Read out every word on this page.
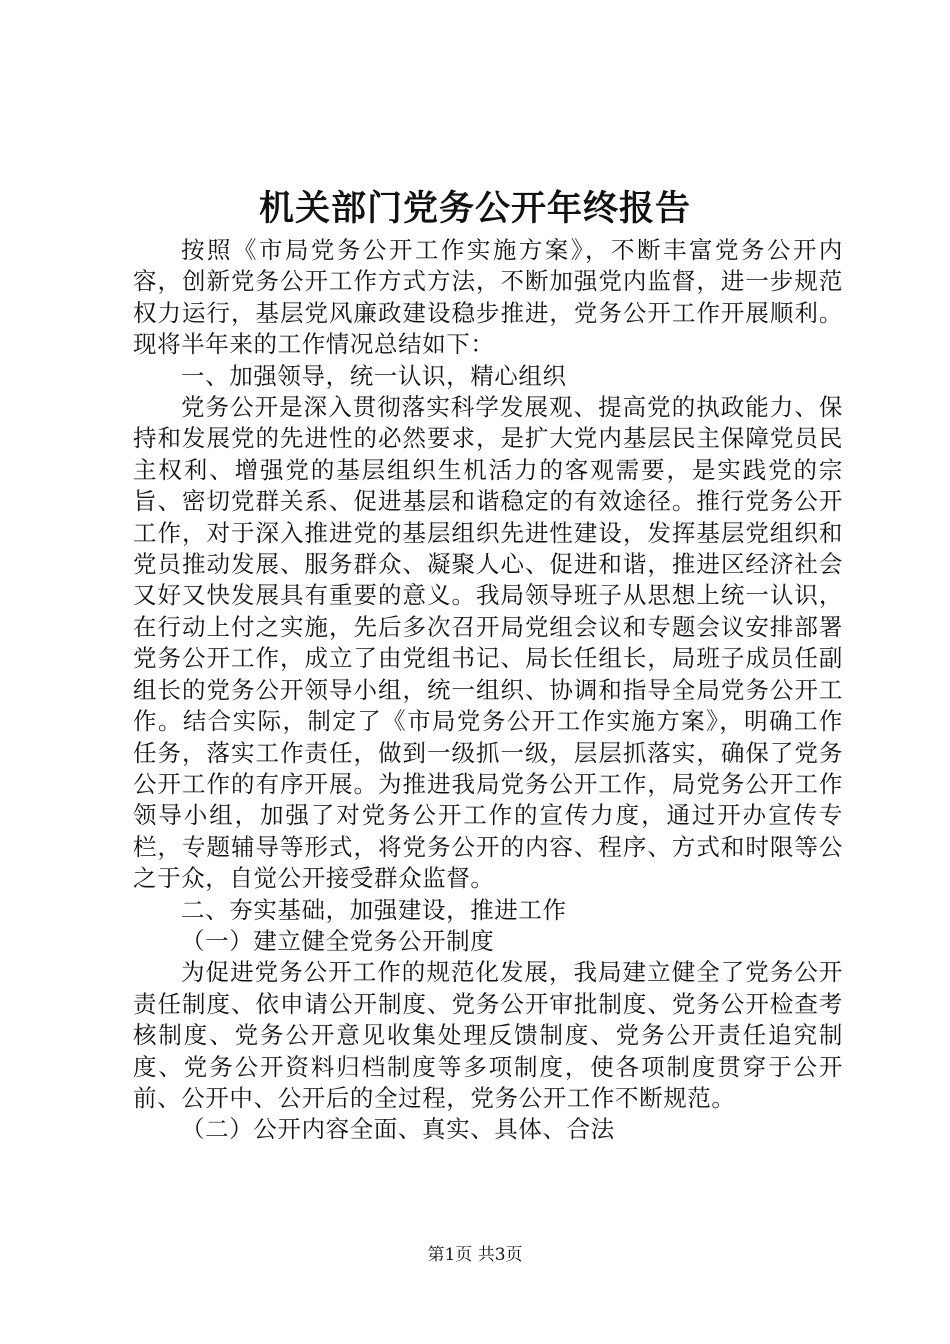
机关部门党务公开年终报告

按照《市局党务公开工作实施方案》，不断丰富党务公开内容，创新党务公开工作方式方法，不断加强党内监督，进一步规范权力运行，基层党风廉政建设稳步推进，党务公开工作开展顺利。现将半年来的工作情况总结如下：

一、加强领导，统一认识，精心组织

党务公开是深入贯彻落实科学发展观、提高党的执政能力、保持和发展党的先进性的必然要求，是扩大党内基层民主保障党员民主权利、增强党的基层组织生机活力的客观需要，是实践党的宗旨、密切党群关系、促进基层和谐稳定的有效途径。推行党务公开工作，对于深入推进党的基层组织先进性建设，发挥基层党组织和党员推动发展、服务群众、凝聚人心、促进和谐，推进区经济社会又好又快发展具有重要的意义。我局领导班子从思想上统一认识，在行动上付之实施，先后多次召开局党组会议和专题会议安排部署党务公开工作，成立了由党组书记、局长任组长，局班子成员任副组长的党务公开领导小组，统一组织、协调和指导全局党务公开工作。结合实际，制定了《市局党务公开工作实施方案》，明确工作任务，落实工作责任，做到一级抓一级，层层抓落实，确保了党务公开工作的有序开展。为推进我局党务公开工作，局党务公开工作领导小组，加强了对党务公开工作的宣传力度，通过开办宣传专栏，专题辅导等形式，将党务公开的内容、程序、方式和时限等公之于众，自觉公开接受群众监督。

二、夯实基础，加强建设，推进工作

（一）建立健全党务公开制度

为促进党务公开工作的规范化发展，我局建立健全了党务公开责任制度、依申请公开制度、党务公开审批制度、党务公开检查考核制度、党务公开意见收集处理反馈制度、党务公开责任追究制度、党务公开资料归档制度等多项制度，使各项制度贯穿于公开前、公开中、公开后的全过程，党务公开工作不断规范。

（二）公开内容全面、真实、具体、合法

第1页 共3页
